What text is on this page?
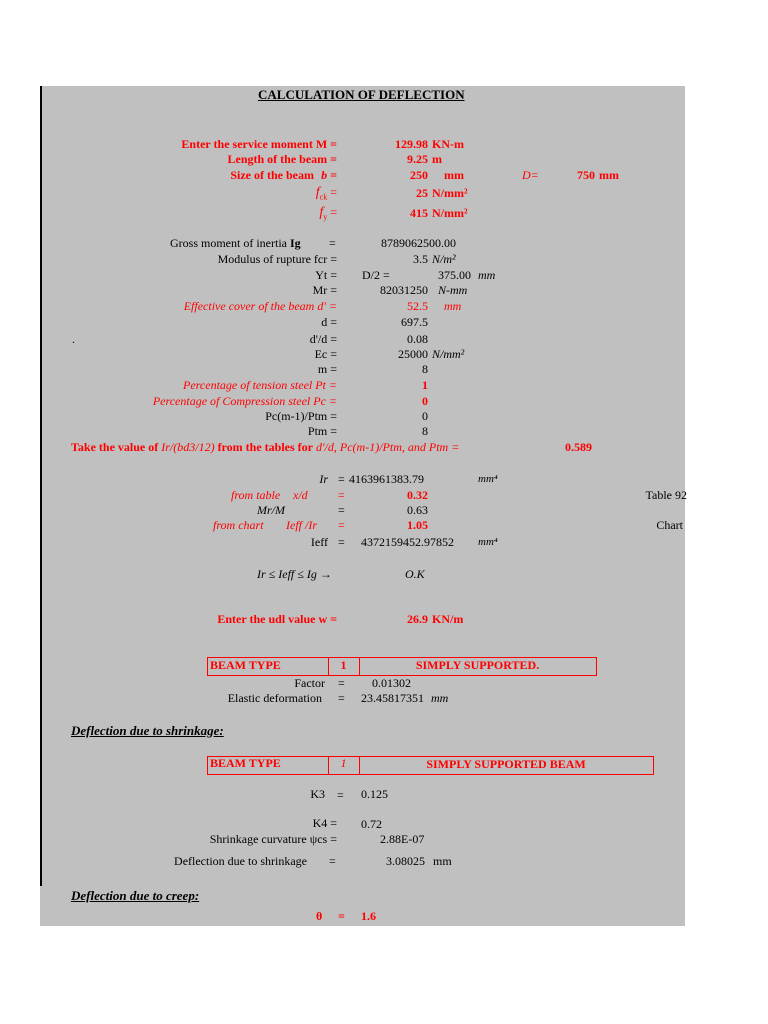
CALCULATION OF DEFLECTION
Enter the service moment M =	129.98 KN-m
Length of the beam =	9.25 m
Size of the beam b =	250 mm	D=	750 mm
$f_{ck}$ =	25 N/mm²
$f_y$ =	415 N/mm²
Gross moment of inertia Ig =	8789062500.00
Modulus of rupture fcr =	3.5 N/m²
Yt = D/2 =	375.00 mm
Mr =	82031250 N-mm
Effective cover of the beam d' =	52.5 mm
d =	697.5
.	d'/d =	0.08
Ec =	25000 N/mm²
m =	8
Percentage of tension steel Pt =	1
Percentage of Compression steel Pc =	0
Pc(m-1)/Ptm =	0
Ptm =	8
Take the value of Ir/(bd3/12) from the tables for d'/d, Pc(m-1)/Ptm, and Ptm =	0.589
Ir = 4163961383.79	mm⁴
from table x/d	=	0.32	Table 92
Mr/M	=	0.63
from chart Ieff /Ir =	1.05	Chart
Ieff = 4372159452.97852 mm⁴
Ir ≤ Ieff ≤ Ig →	O.K
Enter the udl value w =	26.9 KN/m
BEAM TYPE	1	SIMPLY SUPPORTED.
Factor = 0.01302
Elastic deformation = 23.45817351 mm
Deflection due to shrinkage:
BEAM TYPE	1	SIMPLY SUPPORTED BEAM
K3 = 0.125
K4 = 0.72
Shrinkage curvature ψcs =	2.88E-07
Deflection due to shrinkage =	3.08025 mm
Deflection due to creep:
θ = 1.6
